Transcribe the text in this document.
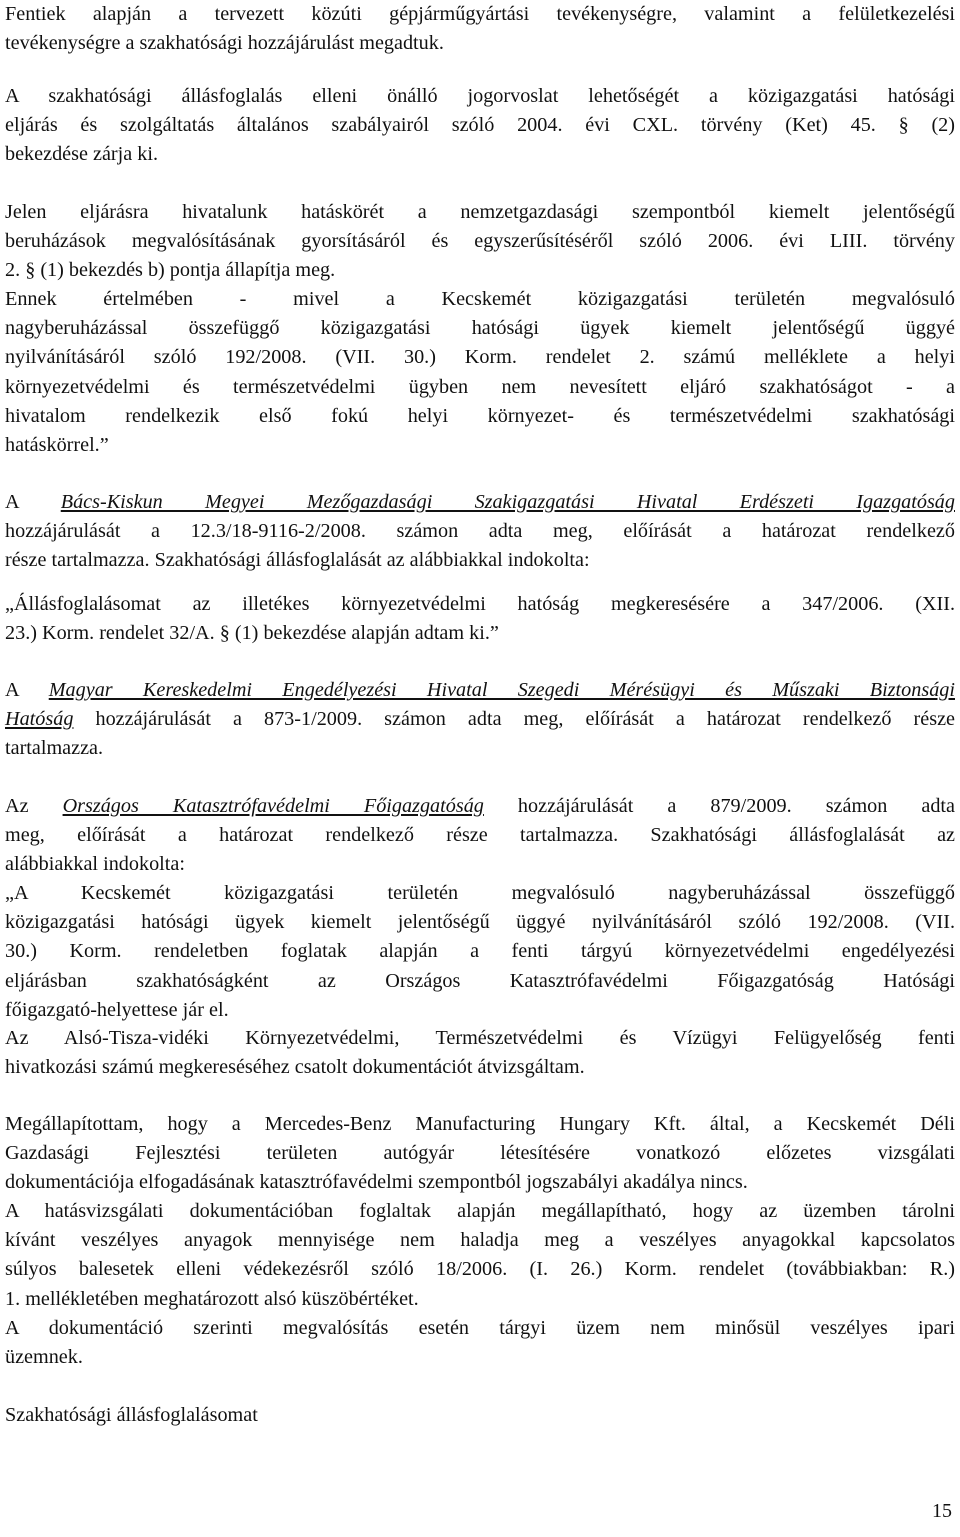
Fentiek alapján a tervezett közúti gépjárműgyártási tevékenységre, valamint a felületkezelési
tevékenységre a szakhatósági hozzájárulást megadtuk.
A szakhatósági állásfoglalás elleni önálló jogorvoslat lehetőségét a közigazgatási hatósági
eljárás és szolgáltatás általános szabályairól szóló 2004. évi CXL. törvény (Ket) 45. § (2)
bekezdése zárja ki.
Jelen eljárásra hivatalunk hatáskörét a nemzetgazdasági szempontból kiemelt jelentőségű
beruházások megvalósításának gyorsításáról és egyszerűsítéséről szóló 2006. évi LIII. törvény
2. § (1) bekezdés b) pontja állapítja meg.
Ennek értelmében - mivel a Kecskemét közigazgatási területén megvalósuló
nagyberuházással összefüggő közigazgatási hatósági ügyek kiemelt jelentőségű üggyé
nyilvánításáról szóló 192/2008. (VII. 30.) Korm. rendelet 2. számú melléklete a helyi
környezetvédelmi és természetvédelmi ügyben nem nevesített eljáró szakhatóságot - a
hivatalom rendelkezik első fokú helyi környezet- és természetvédelmi szakhatósági
hatáskörrel.”
A Bács-Kiskun Megyei Mezőgazdasági Szakigazgatási Hivatal Erdészeti Igazgatóság
hozzájárulását a 12.3/18-9116-2/2008. számon adta meg, előírását a határozat rendelkező
része tartalmazza. Szakhatósági állásfoglalását az alábbiakkal indokolta:
„Állásfoglalásomat az illetékes környezetvédelmi hatóság megkeresésére a 347/2006. (XII.
23.) Korm. rendelet 32/A. § (1) bekezdése alapján adtam ki.”
A Magyar Kereskedelmi Engedélyezési Hivatal Szegedi Mérésügyi és Műszaki Biztonsági
Hatóság hozzájárulását a 873-1/2009. számon adta meg, előírását a határozat rendelkező része
tartalmazza.
Az Országos Katasztrófavédelmi Főigazgatóság hozzájárulását a 879/2009. számon adta
meg, előírását a határozat rendelkező része tartalmazza. Szakhatósági állásfoglalását az
alábbiakkal indokolta:
„A Kecskemét közigazgatási területén megvalósuló nagyberuházással összefüggő
közigazgatási hatósági ügyek kiemelt jelentőségű üggyé nyilvánításáról szóló 192/2008. (VII.
30.) Korm. rendeletben foglatak alapján a fenti tárgyú környezetvédelmi engedélyezési
eljárásban szakhatóságként az Országos Katasztrófavédelmi Főigazgatóság Hatósági
főigazgató-helyettese jár el.
Az Alsó-Tisza-vidéki Környezetvédelmi, Természetvédelmi és Vízügyi Felügyelőség fenti
hivatkozási számú megkereséséhez csatolt dokumentációt átvizsgáltam.
Megállapítottam, hogy a Mercedes-Benz Manufacturing Hungary Kft. által, a Kecskemét Déli
Gazdasági Fejlesztési területen autógyár létesítésére vonatkozó előzetes vizsgálati
dokumentációja elfogadásának katasztrófavédelmi szempontból jogszabályi akadálya nincs.
A hatásvizsgálati dokumentációban foglaltak alapján megállapítható, hogy az üzemben tárolni
kívánt veszélyes anyagok mennyisége nem haladja meg a veszélyes anyagokkal kapcsolatos
súlyos balesetek elleni védekezésről szóló 18/2006. (I. 26.) Korm. rendelet (továbbiakban: R.)
1. mellékletében meghatározott alsó küszöbértéket.
A dokumentáció szerinti megvalósítás esetén tárgyi üzem nem minősül veszélyes ipari
üzemnek.
Szakhatósági állásfoglalásomat
15
